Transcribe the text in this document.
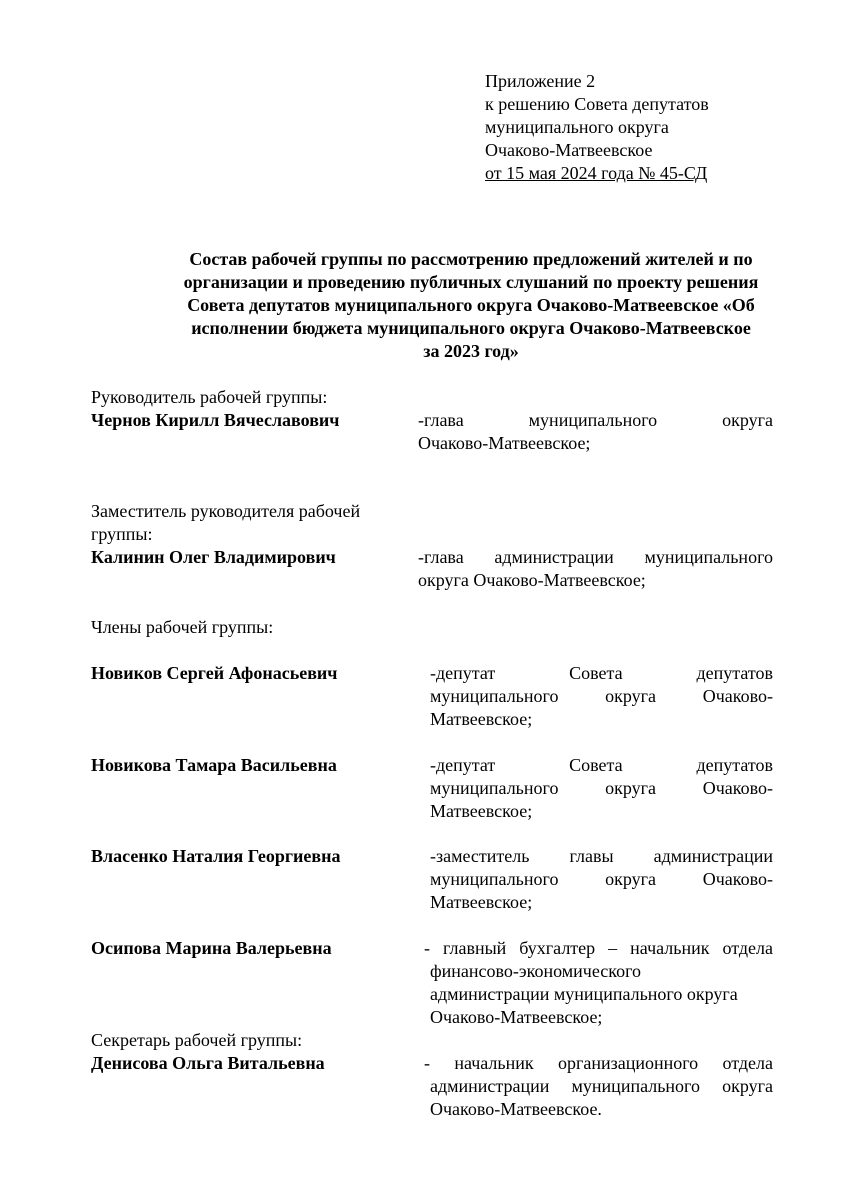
Приложение 2
к решению Совета депутатов
муниципального округа
Очаково-Матвеевское
от 15 мая 2024 года № 45-СД
Состав рабочей группы по рассмотрению предложений жителей и по
организации и проведению публичных слушаний по проекту решения
Совета депутатов муниципального округа Очаково-Матвеевское «Об
исполнении бюджета муниципального округа Очаково-Матвеевское
за 2023 год»
Руководитель рабочей группы:
Чернов Кирилл Вячеславович	-глава муниципального округа
Очаково-Матвеевское;
Заместитель руководителя рабочей
группы:
Калинин Олег Владимирович	-глава администрации муниципального
округа Очаково-Матвеевское;
Члены рабочей группы:
Новиков Сергей Афонасьевич	-депутат Совета депутатов
муниципального округа Очаково-
Матвеевское;
Новикова Тамара Васильевна	-депутат Совета депутатов
муниципального округа Очаково-
Матвеевское;
Власенко Наталия Георгиевна	-заместитель главы администрации
муниципального округа Очаково-
Матвеевское;
Осипова Марина Валерьевна	- главный бухгалтер – начальник отдела
финансово-экономического
администрации муниципального округа
Очаково-Матвеевское;
Секретарь рабочей группы:
Денисова Ольга Витальевна	- начальник организационного отдела
администрации муниципального округа
Очаково-Матвеевское.
